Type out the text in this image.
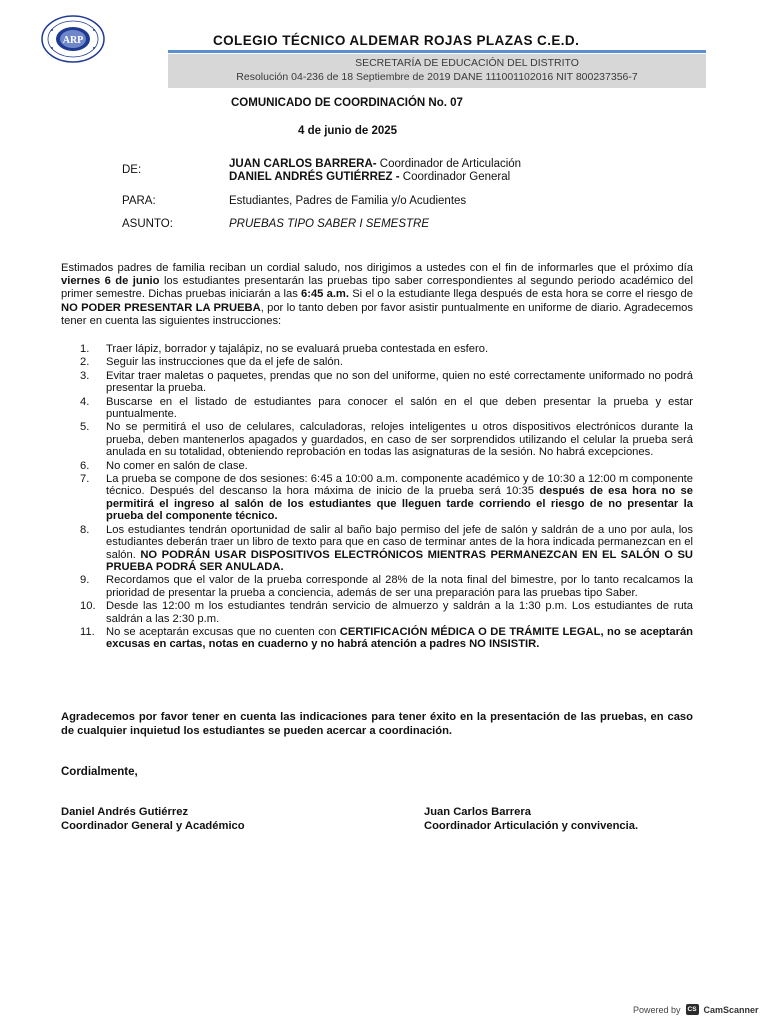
ARP	COLEGIO TÉCNICO ALDEMAR ROJAS PLAZAS C.E.D.
SECRETARÍA DE EDUCACIÓN DEL DISTRITO
Resolución 04-236 de 18 Septiembre de 2019 DANE 111001102016 NIT 800237356-7
COMUNICADO DE COORDINACIÓN No. 07
4 de junio de 2025
DE:	JUAN CARLOS BARRERA- Coordinador de Articulación
DANIEL ANDRÉS GUTIÉRREZ - Coordinador General
PARA:	Estudiantes, Padres de Familia y/o Acudientes
ASUNTO:	PRUEBAS TIPO SABER I SEMESTRE
Estimados padres de familia reciban un cordial saludo, nos dirigimos a ustedes con el fin de informarles que el próximo día viernes 6 de junio los estudiantes presentarán las pruebas tipo saber correspondientes al segundo periodo académico del primer semestre. Dichas pruebas iniciarán a las 6:45 a.m. Si el o la estudiante llega después de esta hora se corre el riesgo de NO PODER PRESENTAR LA PRUEBA, por lo tanto deben por favor asistir puntualmente en uniforme de diario. Agradecemos tener en cuenta las siguientes instrucciones:
1.	Traer lápiz, borrador y tajalápiz, no se evaluará prueba contestada en esfero.
2.	Seguir las instrucciones que da el jefe de salón.
3.	Evitar traer maletas o paquetes, prendas que no son del uniforme, quien no esté correctamente uniformado no podrá presentar la prueba.
4.	Buscarse en el listado de estudiantes para conocer el salón en el que deben presentar la prueba y estar puntualmente.
5.	No se permitirá el uso de celulares, calculadoras, relojes inteligentes u otros dispositivos electrónicos durante la prueba, deben mantenerlos apagados y guardados, en caso de ser sorprendidos utilizando el celular la prueba será anulada en su totalidad, obteniendo reprobación en todas las asignaturas de la sesión. No habrá excepciones.
6.	No comer en salón de clase.
7.	La prueba se compone de dos sesiones: 6:45 a 10:00 a.m. componente académico y de 10:30 a 12:00 m componente técnico. Después del descanso la hora máxima de inicio de la prueba será 10:35 después de esa hora no se permitirá el ingreso al salón de los estudiantes que lleguen tarde corriendo el riesgo de no presentar la prueba del componente técnico.
8.	Los estudiantes tendrán oportunidad de salir al baño bajo permiso del jefe de salón y saldrán de a uno por aula, los estudiantes deberán traer un libro de texto para que en caso de terminar antes de la hora indicada permanezcan en el salón. NO PODRÁN USAR DISPOSITIVOS ELECTRÓNICOS MIENTRAS PERMANEZCAN EN EL SALÓN O SU PRUEBA PODRÁ SER ANULADA.
9.	Recordamos que el valor de la prueba corresponde al 28% de la nota final del bimestre, por lo tanto recalcamos la prioridad de presentar la prueba a conciencia, además de ser una preparación para las pruebas tipo Saber.
10. Desde las 12:00 m los estudiantes tendrán servicio de almuerzo y saldrán a la 1:30 p.m. Los estudiantes de ruta saldrán a las 2:30 p.m.
11.	No se aceptarán excusas que no cuenten con CERTIFICACIÓN MÉDICA O DE TRÁMITE LEGAL, no se aceptarán excusas en cartas, notas en cuaderno y no habrá atención a padres NO INSISTIR.
Agradecemos por favor tener en cuenta las indicaciones para tener éxito en la presentación de las pruebas, en caso de cualquier inquietud los estudiantes se pueden acercar a coordinación.
Cordialmente,
Daniel Andrés Gutiérrez
Coordinador General y Académico
Juan Carlos Barrera
Coordinador Articulación y convivencia.
Powered by	CS CamScanner
